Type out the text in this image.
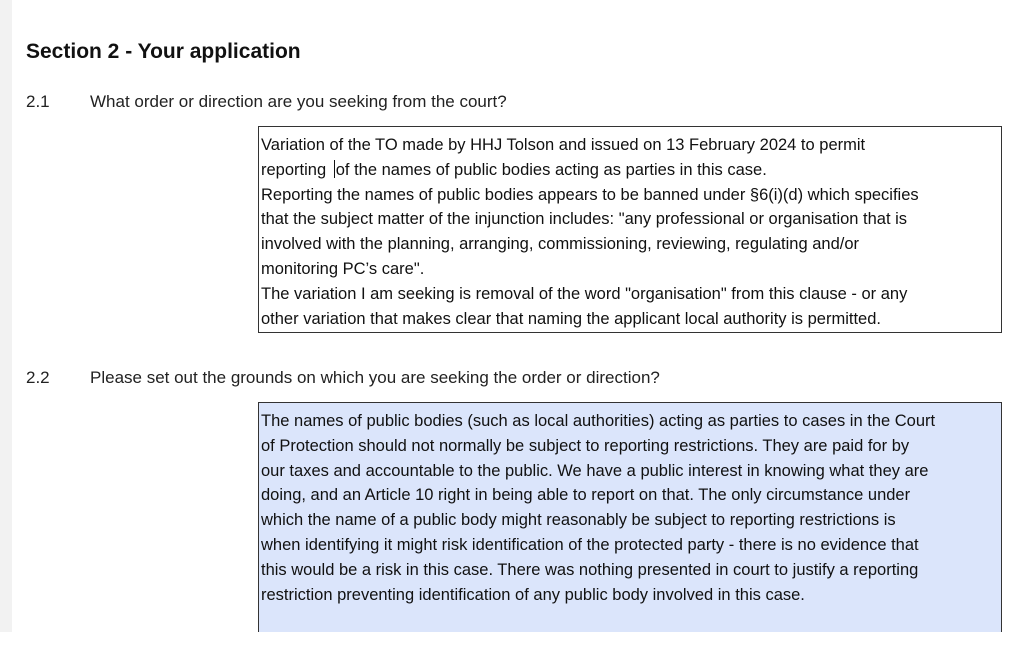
Section 2 - Your application
2.1 What order or direction are you seeking from the court?
Variation of the TO made by HHJ Tolson and issued on 13 February 2024 to permit
reporting of the names of public bodies acting as parties in this case.
Reporting the names of public bodies appears to be banned under §6(i)(d) which specifies
that the subject matter of the injunction includes: "any professional or organisation that is
involved with the planning, arranging, commissioning, reviewing, regulating and/or
monitoring PC’s care".
The variation I am seeking is removal of the word "organisation" from this clause - or any
other variation that makes clear that naming the applicant local authority is permitted.
2.2 Please set out the grounds on which you are seeking the order or direction?
The names of public bodies (such as local authorities) acting as parties to cases in the Court
of Protection should not normally be subject to reporting restrictions. They are paid for by
our taxes and accountable to the public. We have a public interest in knowing what they are
doing, and an Article 10 right in being able to report on that. The only circumstance under
which the name of a public body might reasonably be subject to reporting restrictions is
when identifying it might risk identification of the protected party - there is no evidence that
this would be a risk in this case. There was nothing presented in court to justify a reporting
restriction preventing identification of any public body involved in this case.
